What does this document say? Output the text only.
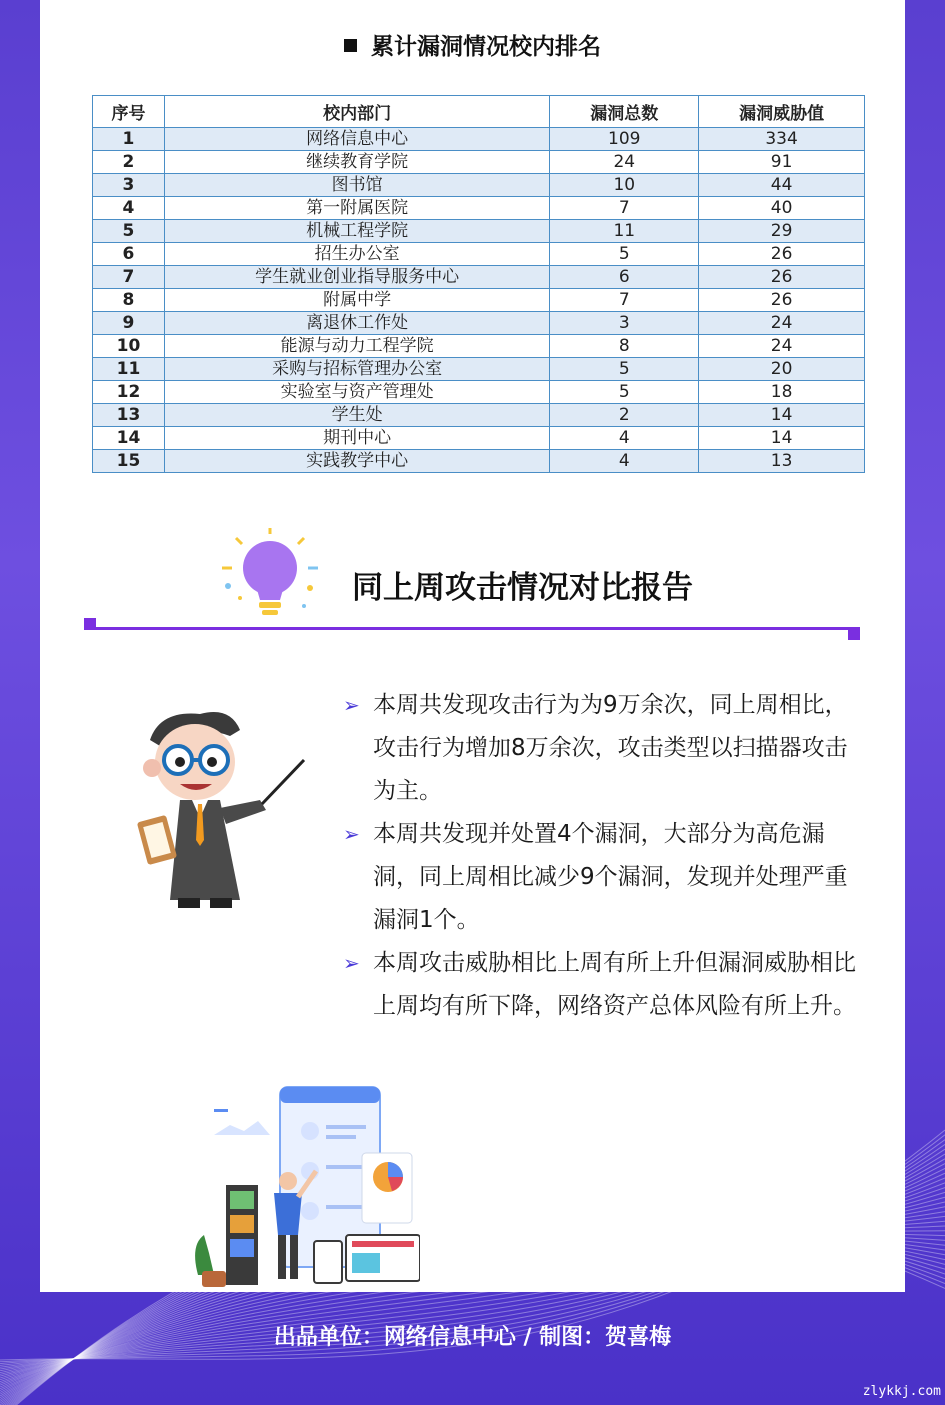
累计漏洞情况校内排名
序号	校内部门	漏洞总数	漏洞威胁值
1	网络信息中心	109	334
2	继续教育学院	24	91
3	图书馆	10	44
4	第一附属医院	7	40
5	机械工程学院	11	29
6	招生办公室	5	26
7	学生就业创业指导服务中心	6	26
8	附属中学	7	26
9	离退休工作处	3	24
10	能源与动力工程学院	8	24
11	采购与招标管理办公室	5	20
12	实验室与资产管理处	5	18
13	学生处	2	14
14	期刊中心	4	14
15	实践教学中心	4	13
同上周攻击情况对比报告
➢ 本周共发现攻击行为为9万余次，同上周相比，攻击行为增加8万余次，攻击类型以扫描器攻击为主。
➢ 本周共发现并处置4个漏洞，大部分为高危漏洞，同上周相比减少9个漏洞，发现并处理严重漏洞1个。
➢ 本周攻击威胁相比上周有所上升但漏洞威胁相比上周均有所下降，网络资产总体风险有所上升。
出品单位：网络信息中心 / 制图：贺喜梅
zlykkj.com
